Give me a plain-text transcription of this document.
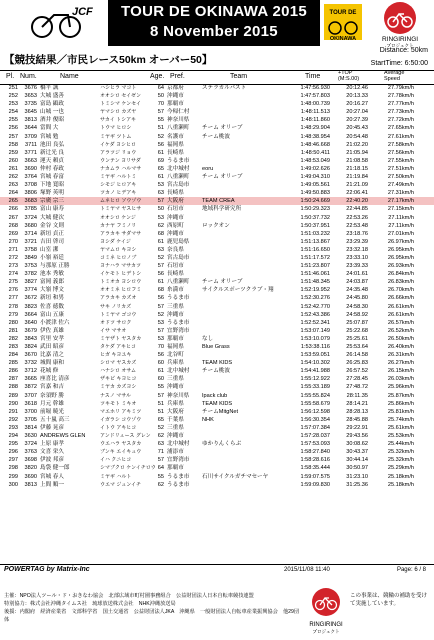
JCF	TOUR DE OKINAWA 2015
8 November 2015
TOUR DE
OKINAWA	RINGIRINGI
プロジェクト
【競技結果／市民レース50km オーバー50】
Distance: 50km
StartTime: 6:50:00
Pl. Num.	Name	Age. Pref.	Team	Time	+TOP
(M:S.00)
Average
Speed
251	3676 橋平 誠	ハシヒラ マコト	64 京都府	ステラカルバスト	1:47:56.930	20:12.46	27.79km/h
252	3653 大城 盛善	オオシロ セイゼン	50 沖縄市	1:47:57.803	20:13.33	27.78km/h
253	3735 富島 顕政	トミシマ ケンセイ	70 那覇市	1:48:00.739	20:16.27	27.77km/h
254	3645 山城 一也	ヤマシロ カズヤ	57 今帰仁村	1:48:11.513	20:27.04	27.73km/h
255	3813 酒井 俊昭	サカイ トシアキ	55 神奈川県	1:48:11.860	20:27.39	27.72km/h
256	3644 當間 大	トウマ ヒロシ	51 八重瀬町 チーム オリーブ	1:48:29.904	20:45.43	27.65km/h
257	3709 宮城 勉	ミヤギ ツトム	52 名護市	チーム桃波	1:48:38.954	20:54.48	27.61km/h
258	3711 池田 良弘	イケダ ヨシヒロ	56 福岡県	1:48:46.668	21:02.20	27.58km/h
259	3771 新辻光 良	アラツジ リョウ	61 長崎県	1:48:50.411	21:05.94	27.56km/h
260	3663 運天 頼貞	ウンテン ヨリサダ	69 うるま市	1:48:53.049	21:08.58	27.55km/h
261	3690 仲村 春政	ナカムラ ハルマサ	65 北中城村 eoru	1:49:02.626	21:18.15	27.51km/h
262	3764 宮城 春富	ミヤギ ハルトミ	61 八重瀬町 チーム オリーブ	1:49:04.310	21:19.84	27.50km/h
263	3708 下地 寛昭	シモジ ヒロアキ	53 宮古島市	1:49:05.561	21:21.09	27.49km/h
264	3806 塚野 英明	ツカノ ヒデアキ	63 長崎県	1:49:50.883	22:06.41	27.31km/h
265	3683 宗廣 宗三	ムネヒロ ソウゾウ	57 大阪府	TEAM CREA	1:50:24.669	22:40.20	27.17km/h
266	3785 富山 康寿	トミヤマ ヤスヒサ	50 石垣市	地域科学研究所	1:50:29.323	22:44.85	27.15km/h
267	3724 大城 健次	オオシロ ケンジ	53 沖縄市	1:50:37.732	22:53.26	27.11km/h
268	3680 金谷 文則	カナヤ フミノリ	62 西原町	ロックオン	1:50:37.951	22:53.48	27.11km/h
269	3714 新垣 貞正	アラカキ サダマサ	68 沖縄市	1:51:03.232	23:18.76	27.01km/h
270	3721 吉田 啓司	ヨシダ ケイジ	61 鹿児島県	1:51:13.867	23:29.39	26.97km/h
271	3758 山室 潔	ヤマムロ キヨシ	63 奈良県	1:51:16.650	23:32.18	26.95km/h
272	3849 小嶺 裕廷	コミネ ヒロノブ	52 宮古島市	1:51:17.572	23:33.10	26.95km/h
273	3753 与那原 正勝	ヨナハラ マサカツ	57 石垣市	1:51:23.807	23:39.33	26.93km/h
274	3782 池本 秀敏	イケモト ヒデトシ	56 長崎県	1:51:46.061	24:01.61	26.84km/h
275	3827 富岡 義郎	トミオカ ヨシロウ	61 八重瀬町 チーム オリーブ	1:51:48.345	24:03.87	26.83km/h
276	3774 大嶺 博文	オオミネ ヒロフミ	68 糸満市	サイクルスポーツクラブ・翔	1:52:19.952	24:35.48	26.70km/h
277	3672 新垣 和男	アラカキ カズオ	56 うるま市	1:52:30.276	24:45.80	26.66km/h
278	3823 佐喜 徳数	サキ ノリカズ	57 三重県	1:52:42.770	24:58.30	26.61km/h
279	3664 富山 五康	トミヤマ ゴコウ	52 沖縄市	1:52:43.386	24:58.92	26.61km/h
280	3640 小渡津 佐六	オドツ サロク	53 うるま市	1:52:52.341	25:07.87	26.57km/h
281	3679 伊佐 真雄	イサ マサオ	57 宜野湾市	1:53:07.149	25:22.68	26.52km/h
282	3843 宮里 安孝	ミヤザト ヤスタカ	53 那覇市	なし	1:53:10.079	25:25.61	26.50km/h
283	3824 武田 昭彦	タケダ アキヒコ	70 福岡県	Blue Grass	1:53:38.116	25:53.64	26.40km/h
284	3670 比嘉 清之	ヒガ キヨユキ	56 北谷町	1:53:59.051	26:14.58	26.31km/h
285	3732 城間 康和	シロマ ヤスカズ	60 兵庫県	TEAM KIDS	1:54:10.302	26:25.83	26.27km/h
286	3712 花城 修	ハナシロ オサム	61 北中城村 チーム桃波	1:54:41.988	26:57.52	26.15km/h
287	3665 座喜比 清彦	ザキビ キヨヒコ	60 三重県	1:55:12.922	27:28.45	26.03km/h
288	3872 宮嘉 和吉	ミヤカ カズヨシ	55 沖縄市	1:55:33.189	27:48.72	25.96km/h
289	3707 奈須野 勝	ナスノ マサル	57 神奈川県 Ipack club	1:55:55.824	28:11.35	25.87km/h
290	3618 月元 幹雄	ツキモト ミキオ	51 兵庫県	TEAM KIDS	1:55:58.679	28:14.21	25.86km/h
291	3700 前堀 暁光	マエホリ アキミツ	51 大阪府	チームMitgNet	1:56:12.598	28:28.13	25.81km/h
292	3705 五十嵐 高三	イガラシ コウゾウ	65 千葉県	NHK	1:56:30.354	28:45.88	25.74km/h
293	3814 伊藤 晃彦	イトウ アキヒコ	52 三重県	1:57:07.384	29:22.91	25.61km/h
294	3630 ANDREWS GLEN	アンドリュース グレン	62 沖縄市	1:57:28.037	29:43.56	25.53km/h
295	3724 上原 康孝	ウエハラ ヤスタカ	63 北中城村 ゆかりんくらぶ	1:57:53.093	30:08.62	25.44km/h
296	3763 文喜 栄久	ブンキ エイキュウ	71 浦添市	1:58:27.840	30:43.37	25.32km/h
297	3698 伊波 邦彦	イハ クニヒコ	57 宜野湾市	1:58:28.616	30:44.14	25.32km/h
298	3820 島袋 健一郎	シマブクロ ケンイチロウ 64 那覇市	1:58:35.444	30:50.97	25.29km/h
299	3690 宮城 春人	ミヤギ ハルト	55 うるま市 石川サイクルガチマセーヤ	1:59:07.575	31:23.10	25.18km/h
300	3813 上間 順一	ウエマ ジュンイチ	62 うるま市	1:59:09.830	31:25.36	25.18km/h
POWERTAG by Matrix-Inc	2015/11/08 11:40	Page: 6 / 8
主催：NPO法人ツール・ド・おきなわ協会　北部広域市町村圏事務組合　公益財団法人日本自転車競技連盟
特別協力：株式会社沖縄タイムス社　琉球放送株式会社　NHK沖縄放送局
後援：内閣府　経済産業省　文部科学省　国土交通省　公益財団法人JKA　沖縄県　一般財団法人自転車産業振興協会　他29団体
RINGIRINGI
プロジェクト
この事業は、競輪の補助を受けて実施しています。
